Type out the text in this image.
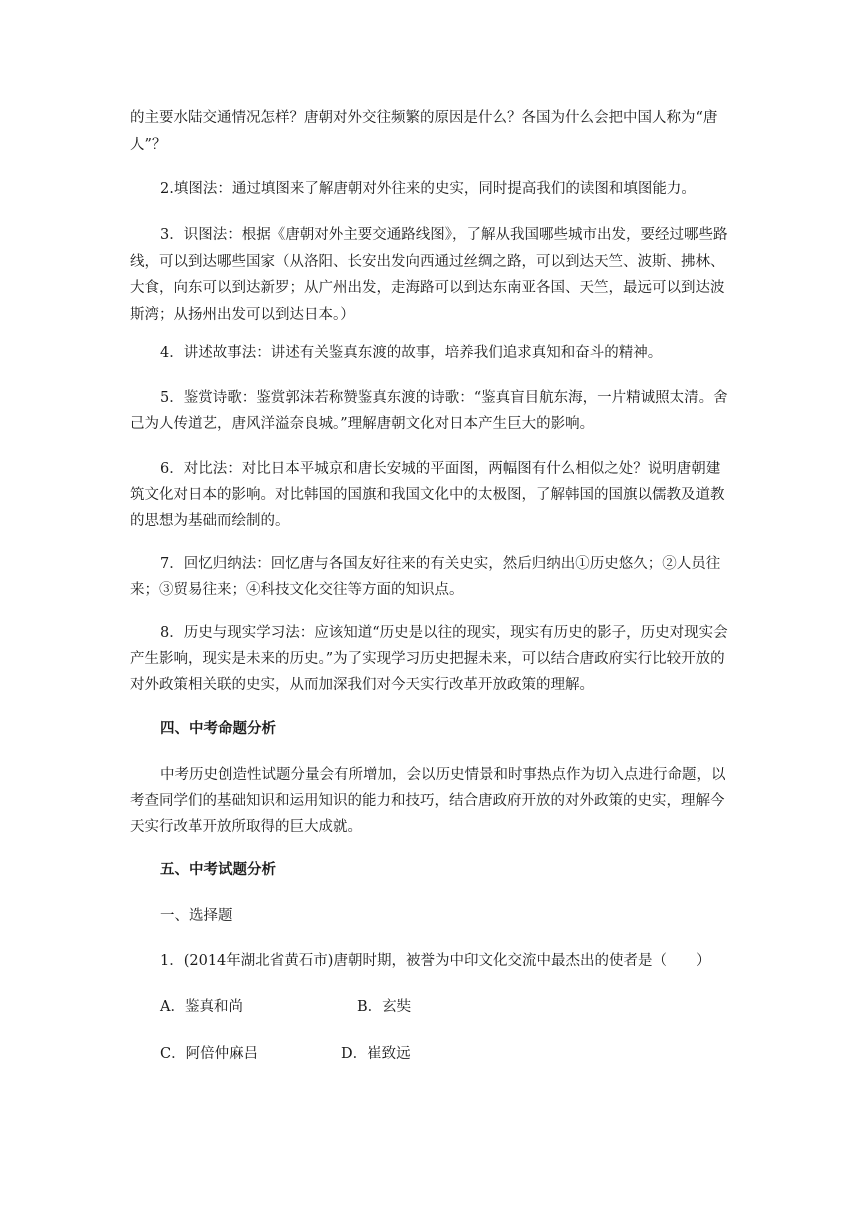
的主要水陆交通情况怎样？唐朝对外交往频繁的原因是什么？各国为什么会把中国人称为“唐人”？
2.填图法：通过填图来了解唐朝对外往来的史实，同时提高我们的读图和填图能力。
3．识图法：根据《唐朝对外主要交通路线图》，了解从我国哪些城市出发，要经过哪些路线，可以到达哪些国家（从洛阳、长安出发向西通过丝绸之路，可以到达天竺、波斯、拂林、大食，向东可以到达新罗；从广州出发，走海路可以到达东南亚各国、天竺，最远可以到达波斯湾；从扬州出发可以到达日本。）
4．讲述故事法：讲述有关鉴真东渡的故事，培养我们追求真知和奋斗的精神。
5．鉴赏诗歌：鉴赏郭沫若称赞鉴真东渡的诗歌：“鉴真盲目航东海，一片精诚照太清。舍己为人传道艺，唐风洋溢奈良城。”理解唐朝文化对日本产生巨大的影响。
6．对比法：对比日本平城京和唐长安城的平面图，两幅图有什么相似之处？说明唐朝建筑文化对日本的影响。对比韩国的国旗和我国文化中的太极图，了解韩国的国旗以儒教及道教的思想为基础而绘制的。
7．回忆归纳法：回忆唐与各国友好往来的有关史实，然后归纳出①历史悠久；②人员往来；③贸易往来；④科技文化交往等方面的知识点。
8．历史与现实学习法：应该知道“历史是以往的现实，现实有历史的影子，历史对现实会产生影响，现实是未来的历史。”为了实现学习历史把握未来，可以结合唐政府实行比较开放的对外政策相关联的史实，从而加深我们对今天实行改革开放政策的理解。
四、中考命题分析
中考历史创造性试题分量会有所增加，会以历史情景和时事热点作为切入点进行命题，以考查同学们的基础知识和运用知识的能力和技巧，结合唐政府开放的对外政策的史实，理解今天实行改革开放所取得的巨大成就。
五、中考试题分析
一、选择题
1．(2014年湖北省黄石市)唐朝时期，被誉为中印文化交流中最杰出的使者是（　　）
A．鉴真和尚	B．玄奘
C．阿倍仲麻吕	D．崔致远
